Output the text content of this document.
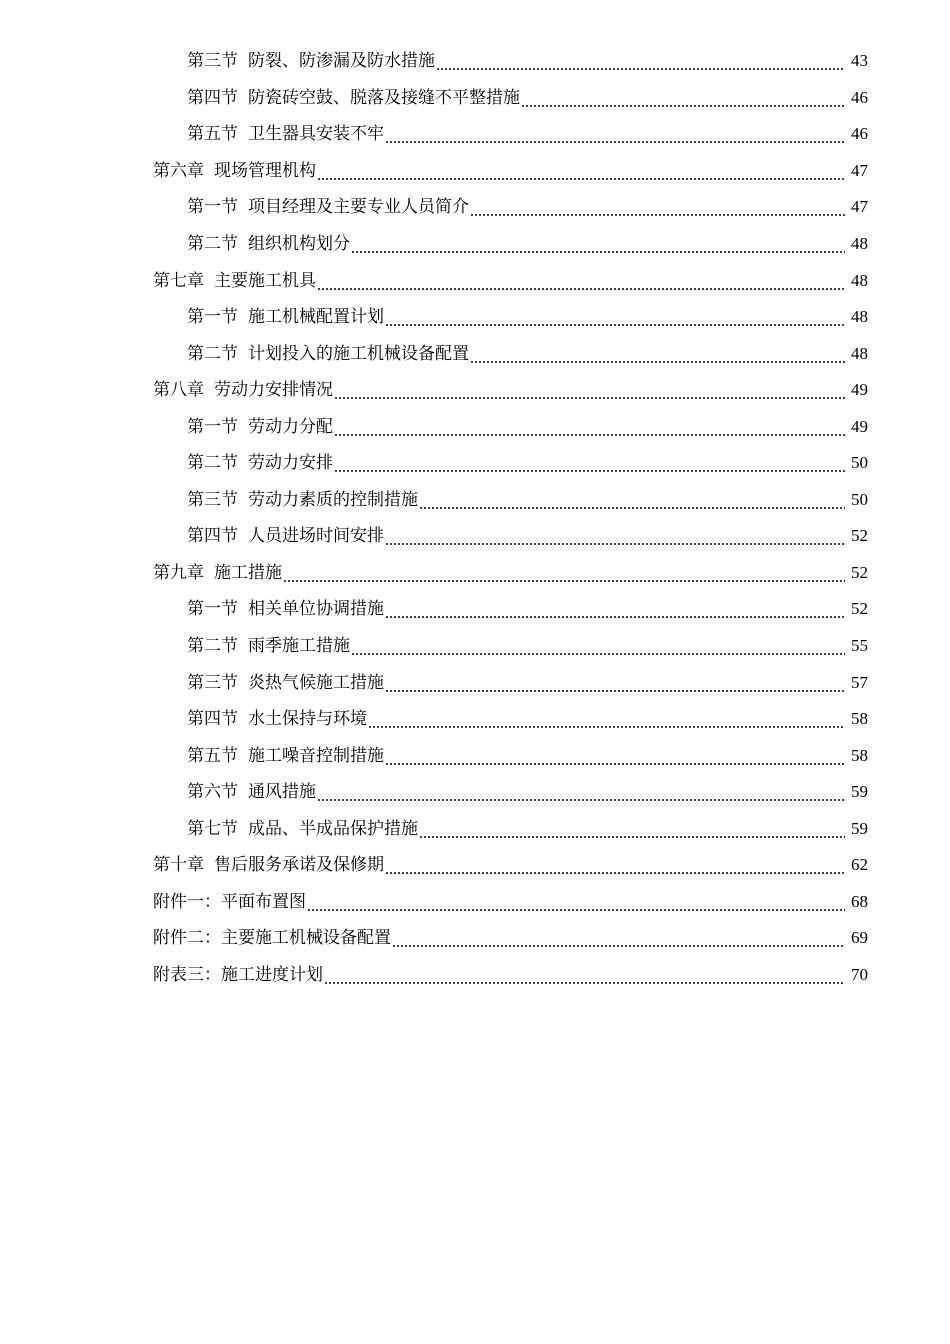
第三节 防裂、防渗漏及防水措施	43
第四节 防瓷砖空鼓、脱落及接缝不平整措施	46
第五节 卫生器具安装不牢	46
第六章 现场管理机构	47
第一节 项目经理及主要专业人员简介	47
第二节 组织机构划分	48
第七章 主要施工机具	48
第一节 施工机械配置计划	48
第二节 计划投入的施工机械设备配置	48
第八章 劳动力安排情况	49
第一节 劳动力分配	49
第二节 劳动力安排	50
第三节 劳动力素质的控制措施	50
第四节 人员进场时间安排	52
第九章 施工措施	52
第一节 相关单位协调措施	52
第二节 雨季施工措施	55
第三节 炎热气候施工措施	57
第四节 水土保持与环境	58
第五节 施工噪音控制措施	58
第六节 通风措施	59
第七节 成品、半成品保护措施	59
第十章 售后服务承诺及保修期	62
附件一：平面布置图	68
附件二：主要施工机械设备配置	69
附表三：施工进度计划	70
